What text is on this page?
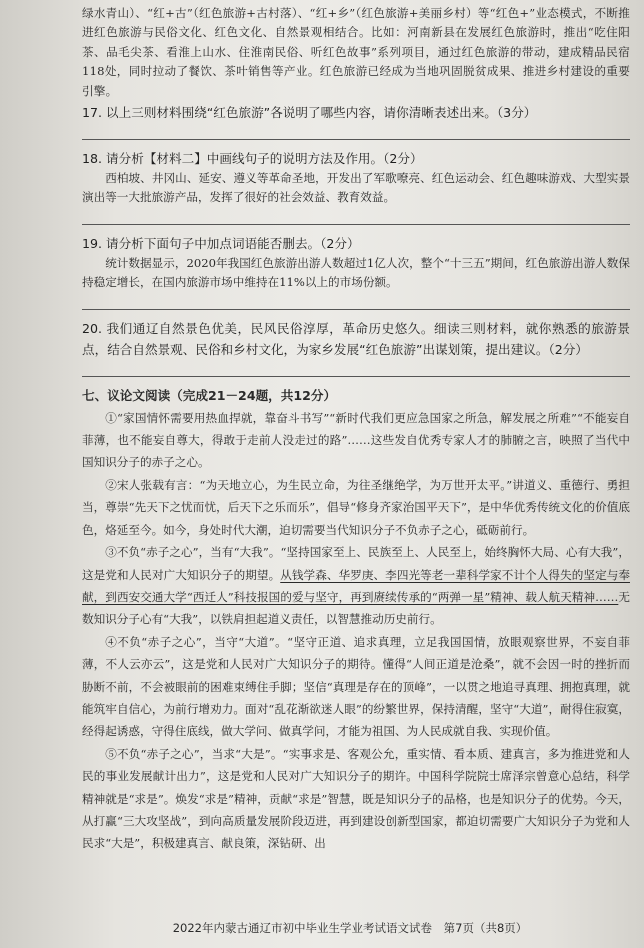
绿水青山）、“红+古”（红色旅游+古村落）、“红+乡”（红色旅游+美丽乡村）等“红色+”业态模式，不断推进红色旅游与民俗文化、红色文化、自然景观相结合。比如：河南新县在发展红色旅游时，推出“吃住阳茶、品毛尖茶、看淮上山水、住淮南民俗、听红色故事”系列项目，通过红色旅游的带动，建成精品民宿118处，同时拉动了餐饮、茶叶销售等产业。红色旅游已经成为当地巩固脱贫成果、推进乡村建设的重要引擎。

17. 以上三则材料围绕“红色旅游”各说明了哪些内容，请你清晰表述出来。（3分）

18. 请分析【材料二】中画线句子的说明方法及作用。（2分）

西柏坡、井冈山、延安、遵义等革命圣地，开发出了军歌嘹亮、红色运动会、红色趣味游戏、大型实景演出等一大批旅游产品，发挥了很好的社会效益、教育效益。

19. 请分析下面句子中加点词语能否删去。（2分）

统计数据显示，2020年我国红色旅游出游人数超过1亿人次，整个“十三五”期间，红色旅游出游人数保持稳定增长，在国内旅游市场中维持在11%以上的市场份额。

20. 我们通辽自然景色优美，民风民俗淳厚，革命历史悠久。细读三则材料，就你熟悉的旅游景点，结合自然景观、民俗和乡村文化，为家乡发展“红色旅游”出谋划策，提出建议。（2分）

七、议论文阅读（完成21－24题，共12分）

①“家国情怀需要用热血捍就，靠奋斗书写”“新时代我们更应急国家之所急，解发展之所难”“不能妄自菲薄，也不能妄自尊大，得敢于走前人没走过的路”……这些发自优秀专家人才的肺腑之言，映照了当代中国知识分子的赤子之心。

②宋人张载有言：“为天地立心，为生民立命，为往圣继绝学，为万世开太平。”讲道义、重德行、勇担当，尊崇“先天下之忧而忧，后天下之乐而乐”，倡导“修身齐家治国平天下”，是中华优秀传统文化的价值底色，烙延至今。如今，身处时代大潮，迫切需要当代知识分子不负赤子之心，砥砺前行。

③不负“赤子之心”，当有“大我”。“坚持国家至上、民族至上、人民至上，始终胸怀大局、心有大我”，这是党和人民对广大知识分子的期望。从钱学森、华罗庚、李四光等老一辈科学家不计个人得失的坚定与奉献，到西安交通大学“西迁人”科技报国的爱与坚守，再到赓续传承的“两弹一星”精神、载人航天精神……无数知识分子心有“大我”，以铁肩担起道义责任，以智慧推动历史前行。

④不负“赤子之心”，当守“大道”。“坚守正道、追求真理，立足我国国情，放眼观察世界，不妄自菲薄，不人云亦云”，这是党和人民对广大知识分子的期待。懂得“人间正道是沧桑”，就不会因一时的挫折而胁断不前，不会被眼前的困难束缚住手脚；坚信“真理是存在的顶峰”，一以贯之地追寻真理、拥抱真理，就能筑牢自信心，为前行增劝力。面对“乱花渐欲迷人眼”的纷繁世界，保持清醒，坚守“大道”，耐得住寂寞，经得起诱惑，守得住底线，做大学问、做真学问，才能为祖国、为人民成就自我、实现价值。

⑤不负“赤子之心”，当求“大是”。“实事求是、客观公允，重实情、看本质、建真言，多为推进党和人民的事业发展献计出力”，这是党和人民对广大知识分子的期许。中国科学院院士席泽宗曾意心总结，科学精神就是“求是”。焕发“求是”精神，贡献“求是”智慧，既是知识分子的品格，也是知识分子的优势。今天，从打赢“三大攻坚战”，到向高质量发展阶段迈进，再到建设创新型国家，都迫切需要广大知识分子为党和人民求“大是”，积极建真言、献良策，深钻研、出

2022年内蒙古通辽市初中毕业生学业考试语文试卷 第7页（共8页）
